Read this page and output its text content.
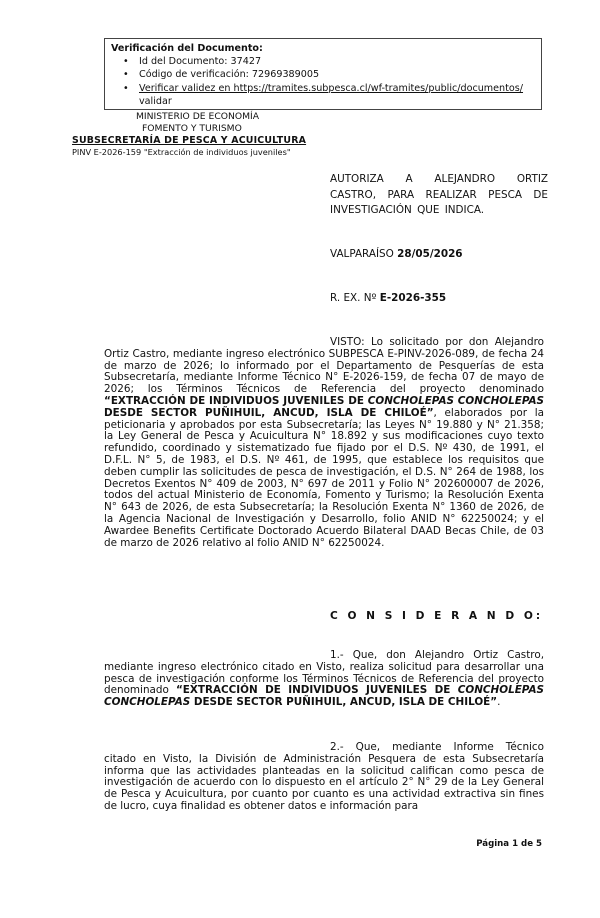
Verificación del Documento:
• Id del Documento: 37427
• Código de verificación: 72969389005
• Verificar validez en https://tramites.subpesca.cl/wf-tramites/public/documentos/
validar
MINISTERIO DE ECONOMÍA
FOMENTO Y TURISMO
SUBSECRETARÍA DE PESCA Y ACUICULTURA
PINV E-2026-159 "Extracción de individuos juveniles"
AUTORIZA A ALEJANDRO ORTIZ CASTRO, PARA REALIZAR PESCA DE INVESTIGACIÓN QUE INDICA.
VALPARAÍSO 28/05/2026
R. EX. Nº E-2026-355
VISTO: Lo solicitado por don Alejandro Ortiz Castro, mediante ingreso electrónico SUBPESCA E-PINV-2026-089, de fecha 24 de marzo de 2026; lo informado por el Departamento de Pesquerías de esta Subsecretaría, mediante Informe Técnico N° E-2026-159, de fecha 07 de mayo de 2026; los Términos Técnicos de Referencia del proyecto denominado “EXTRACCIÓN DE INDIVIDUOS JUVENILES DE CONCHOLEPAS CONCHOLEPAS DESDE SECTOR PUÑIHUIL, ANCUD, ISLA DE CHILOÉ”, elaborados por la peticionaria y aprobados por esta Subsecretaría; las Leyes N° 19.880 y N° 21.358; la Ley General de Pesca y Acuicultura N° 18.892 y sus modificaciones cuyo texto refundido, coordinado y sistematizado fue fijado por el D.S. Nº 430, de 1991, el D.F.L. N° 5, de 1983, el D.S. Nº 461, de 1995, que establece los requisitos que deben cumplir las solicitudes de pesca de investigación, el D.S. N° 264 de 1988, los Decretos Exentos N° 409 de 2003, N° 697 de 2011 y Folio N° 202600007 de 2026, todos del actual Ministerio de Economía, Fomento y Turismo; la Resolución Exenta N° 643 de 2026, de esta Subsecretaría; la Resolución Exenta N° 1360 de 2026, de la Agencia Nacional de Investigación y Desarrollo, folio ANID N° 62250024; y el Awardee Benefits Certificate Doctorado Acuerdo Bilateral DAAD Becas Chile, de 03 de marzo de 2026 relativo al folio ANID N° 62250024.
C O N S I D E R A N D O:
1.- Que, don Alejandro Ortiz Castro, mediante ingreso electrónico citado en Visto, realiza solicitud para desarrollar una pesca de investigación conforme los Términos Técnicos de Referencia del proyecto denominado “EXTRACCIÓN DE INDIVIDUOS JUVENILES DE CONCHOLEPAS CONCHOLEPAS DESDE SECTOR PUÑIHUIL, ANCUD, ISLA DE CHILOÉ”.
2.- Que, mediante Informe Técnico citado en Visto, la División de Administración Pesquera de esta Subsecretaría informa que las actividades planteadas en la solicitud califican como pesca de investigación de acuerdo con lo dispuesto en el artículo 2° N° 29 de la Ley General de Pesca y Acuicultura, por cuanto por cuanto es una actividad extractiva sin fines de lucro, cuya finalidad es obtener datos e información para
Página 1 de 5
